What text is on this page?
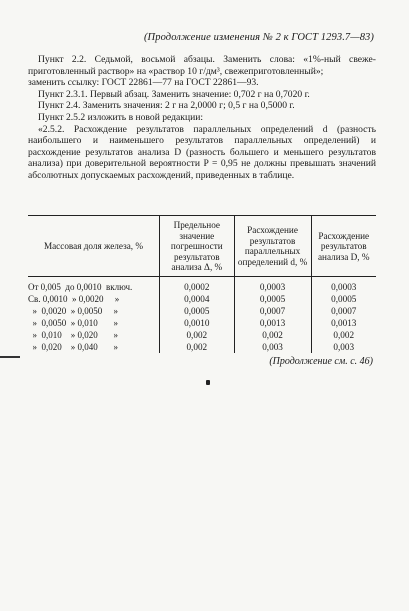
(Продолжение изменения № 2 к ГОСТ 1293.7—83)

Пункт 2.2. Седьмой, восьмой абзацы. Заменить слова: «1%-ный свеже-приготовленный раствор» на «раствор 10 г/дм³, свежеприготовленный»;

заменить ссылку: ГОСТ 22861—77 на ГОСТ 22861—93.

Пункт 2.3.1. Первый абзац. Заменить значение: 0,702 г на 0,7020 г.

Пункт 2.4. Заменить значения: 2 г на 2,0000 г; 0,5 г на 0,5000 г.

Пункт 2.5.2 изложить в новой редакции:

«2.5.2. Расхождение результатов параллельных определений d (разность наибольшего и наименьшего результатов параллельных определений) и расхождение результатов анализа D (разность большего и меньшего результатов анализа) при доверительной вероятности P = 0,95 не должны превышать значений абсолютных допускаемых расхождений, приведенных в таблице.

Массовая доля железа, %	Предельное значение погрешности результатов анализа Δ, %	Расхождение результатов параллельных определений d, %	Расхождение результатов анализа D, %
От 0,005  до 0,0010  включ.	0,0002	0,0003	0,0003
Св. 0,0010  » 0,0020     »	0,0004	0,0005	0,0005
»  0,0020  » 0,0050     »	0,0005	0,0007	0,0007
»  0,0050  » 0,010       »	0,0010	0,0013	0,0013
»  0,010    » 0,020       »	0,002	0,002	0,002
»  0,020    » 0,040       »	0,002	0,003	0,003
(Продолжение см. с. 46)
